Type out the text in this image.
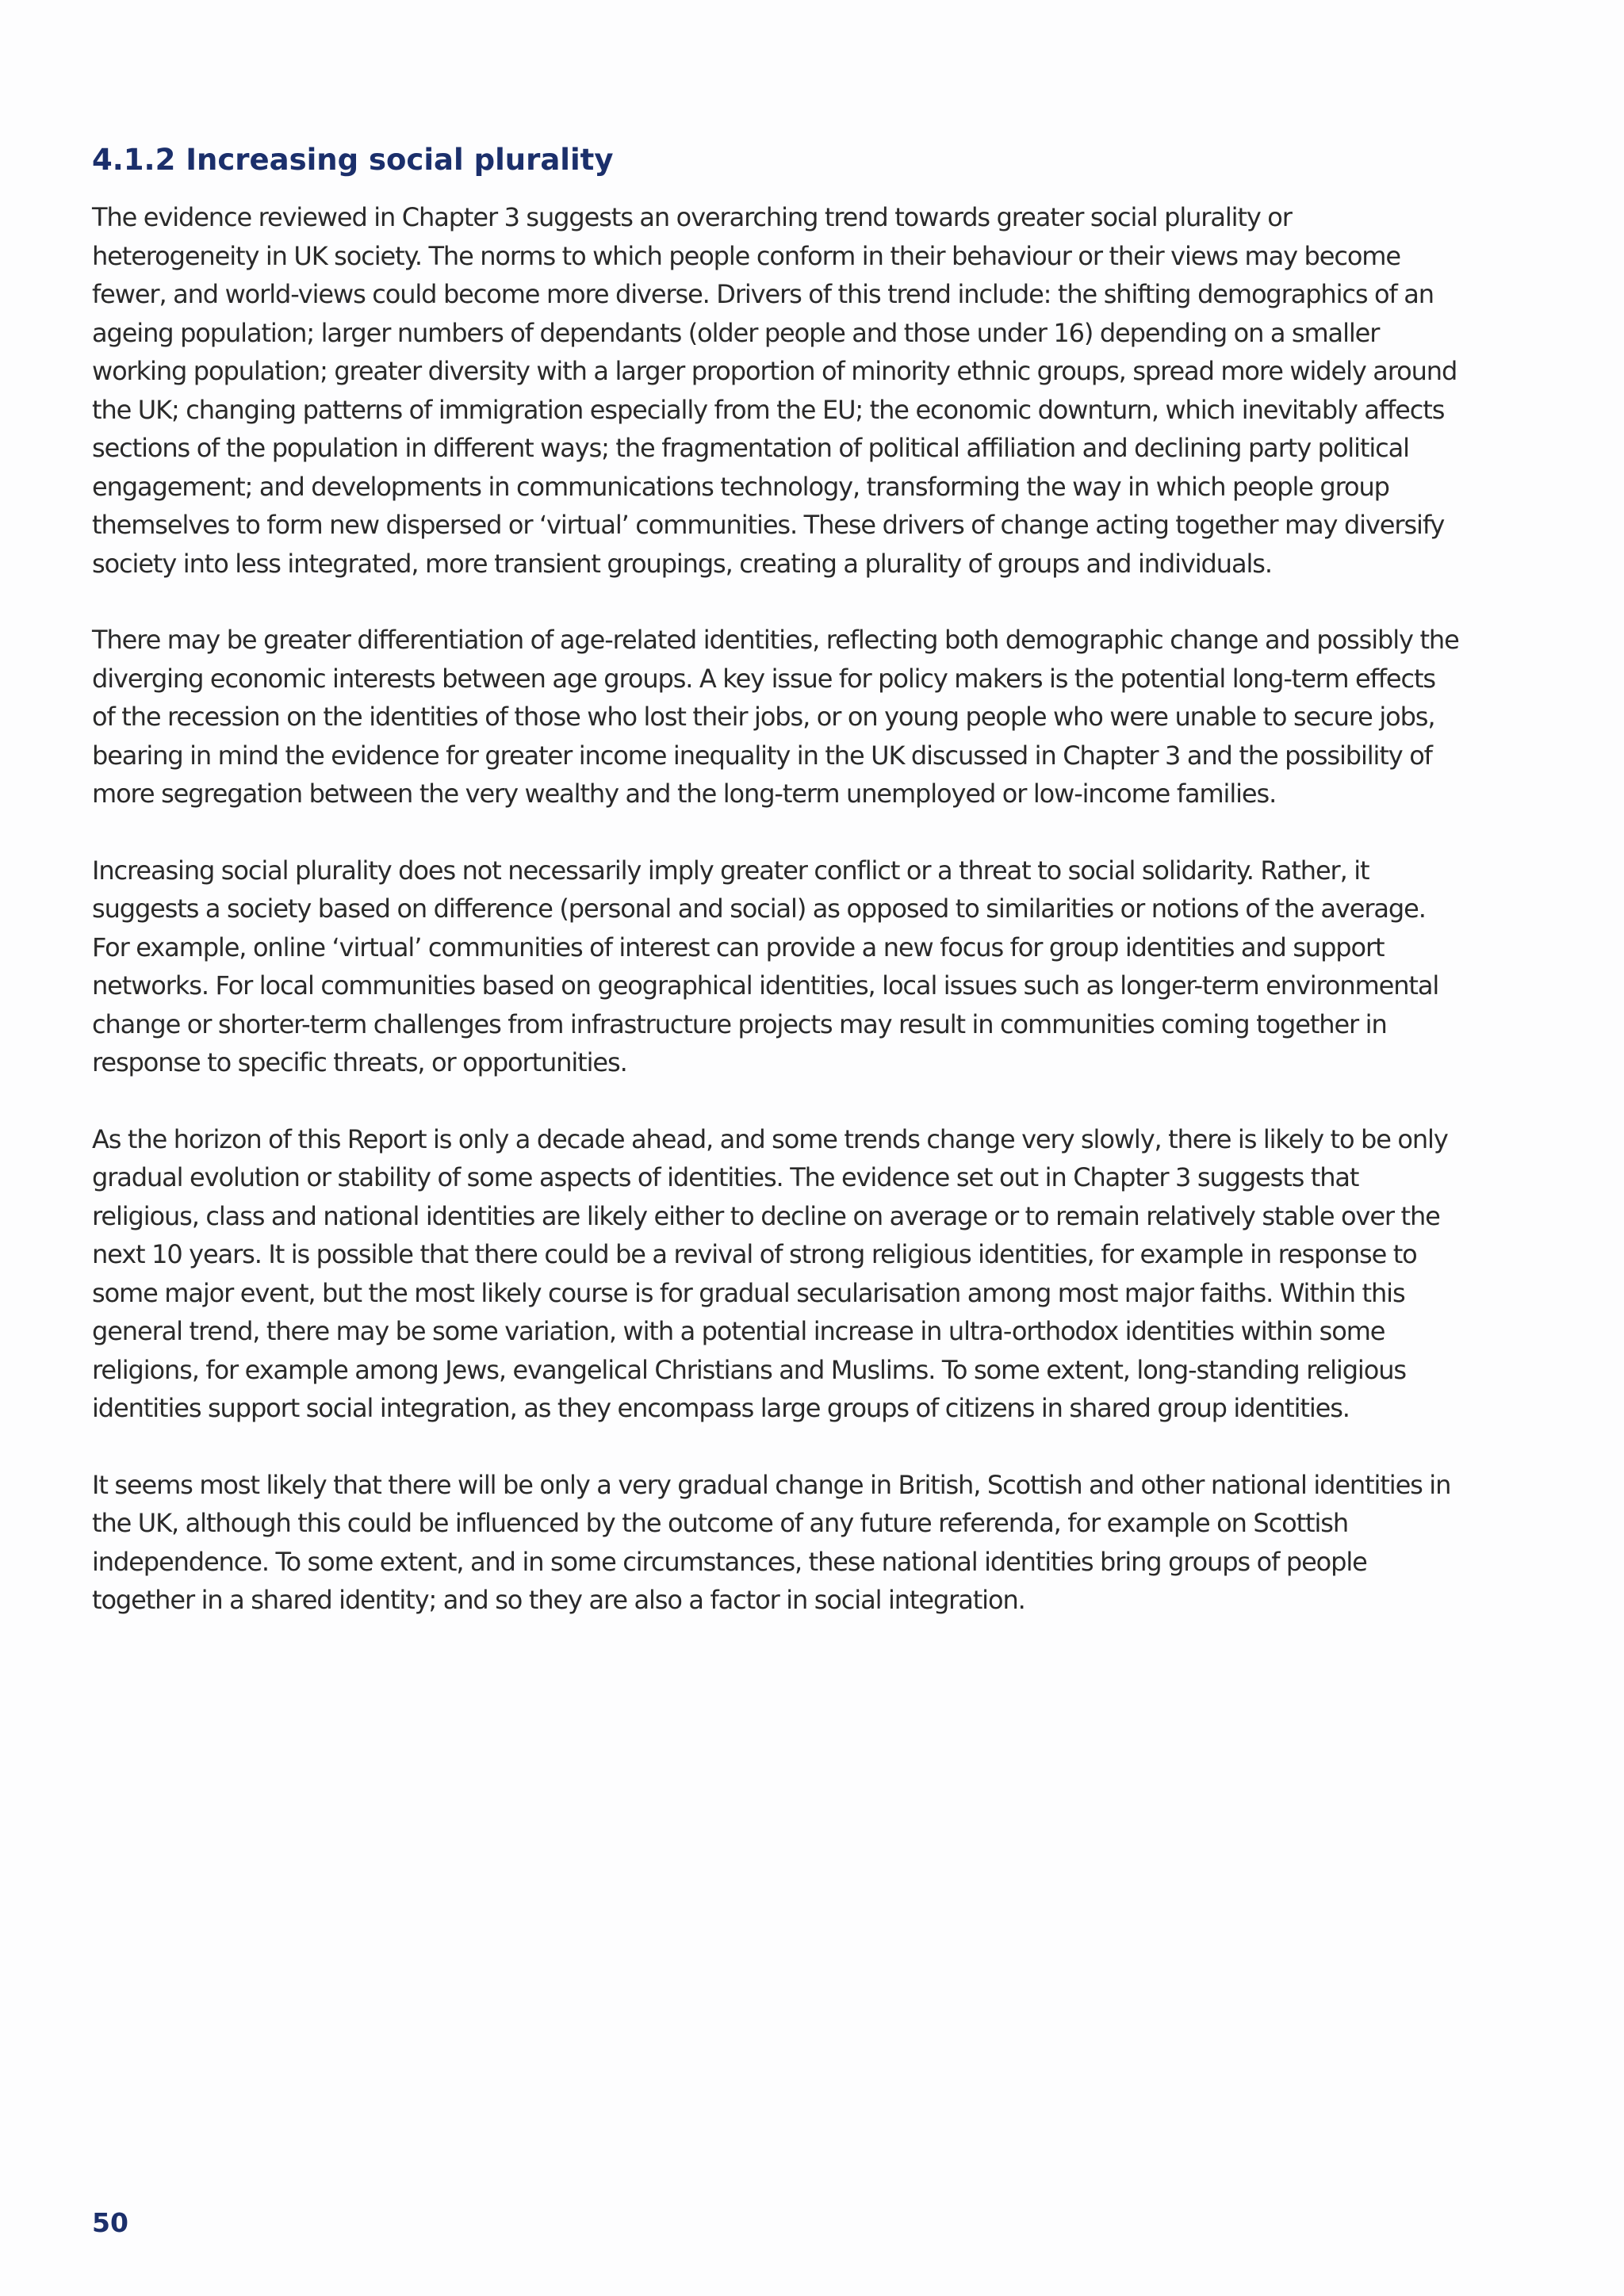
4.1.2 Increasing social plurality

The evidence reviewed in Chapter 3 suggests an overarching trend towards greater social plurality or heterogeneity in UK society. The norms to which people conform in their behaviour or their views may become fewer, and world-views could become more diverse. Drivers of this trend include: the shifting demographics of an ageing population; larger numbers of dependants (older people and those under 16) depending on a smaller working population; greater diversity with a larger proportion of minority ethnic groups, spread more widely around the UK; changing patterns of immigration especially from the EU; the economic downturn, which inevitably affects sections of the population in different ways; the fragmentation of political affiliation and declining party political engagement; and developments in communications technology, transforming the way in which people group themselves to form new dispersed or ‘virtual’ communities. These drivers of change acting together may diversify society into less integrated, more transient groupings, creating a plurality of groups and individuals.

There may be greater differentiation of age-related identities, reflecting both demographic change and possibly the diverging economic interests between age groups. A key issue for policy makers is the potential long-term effects of the recession on the identities of those who lost their jobs, or on young people who were unable to secure jobs, bearing in mind the evidence for greater income inequality in the UK discussed in Chapter 3 and the possibility of more segregation between the very wealthy and the long-term unemployed or low-income families.

Increasing social plurality does not necessarily imply greater conflict or a threat to social solidarity. Rather, it suggests a society based on difference (personal and social) as opposed to similarities or notions of the average. For example, online ‘virtual’ communities of interest can provide a new focus for group identities and support networks. For local communities based on geographical identities, local issues such as longer-term environmental change or shorter-term challenges from infrastructure projects may result in communities coming together in response to specific threats, or opportunities.

As the horizon of this Report is only a decade ahead, and some trends change very slowly, there is likely to be only gradual evolution or stability of some aspects of identities. The evidence set out in Chapter 3 suggests that religious, class and national identities are likely either to decline on average or to remain relatively stable over the next 10 years. It is possible that there could be a revival of strong religious identities, for example in response to some major event, but the most likely course is for gradual secularisation among most major faiths. Within this general trend, there may be some variation, with a potential increase in ultra-orthodox identities within some religions, for example among Jews, evangelical Christians and Muslims. To some extent, long-standing religious identities support social integration, as they encompass large groups of citizens in shared group identities.

It seems most likely that there will be only a very gradual change in British, Scottish and other national identities in the UK, although this could be influenced by the outcome of any future referenda, for example on Scottish independence. To some extent, and in some circumstances, these national identities bring groups of people together in a shared identity; and so they are also a factor in social integration.

50
